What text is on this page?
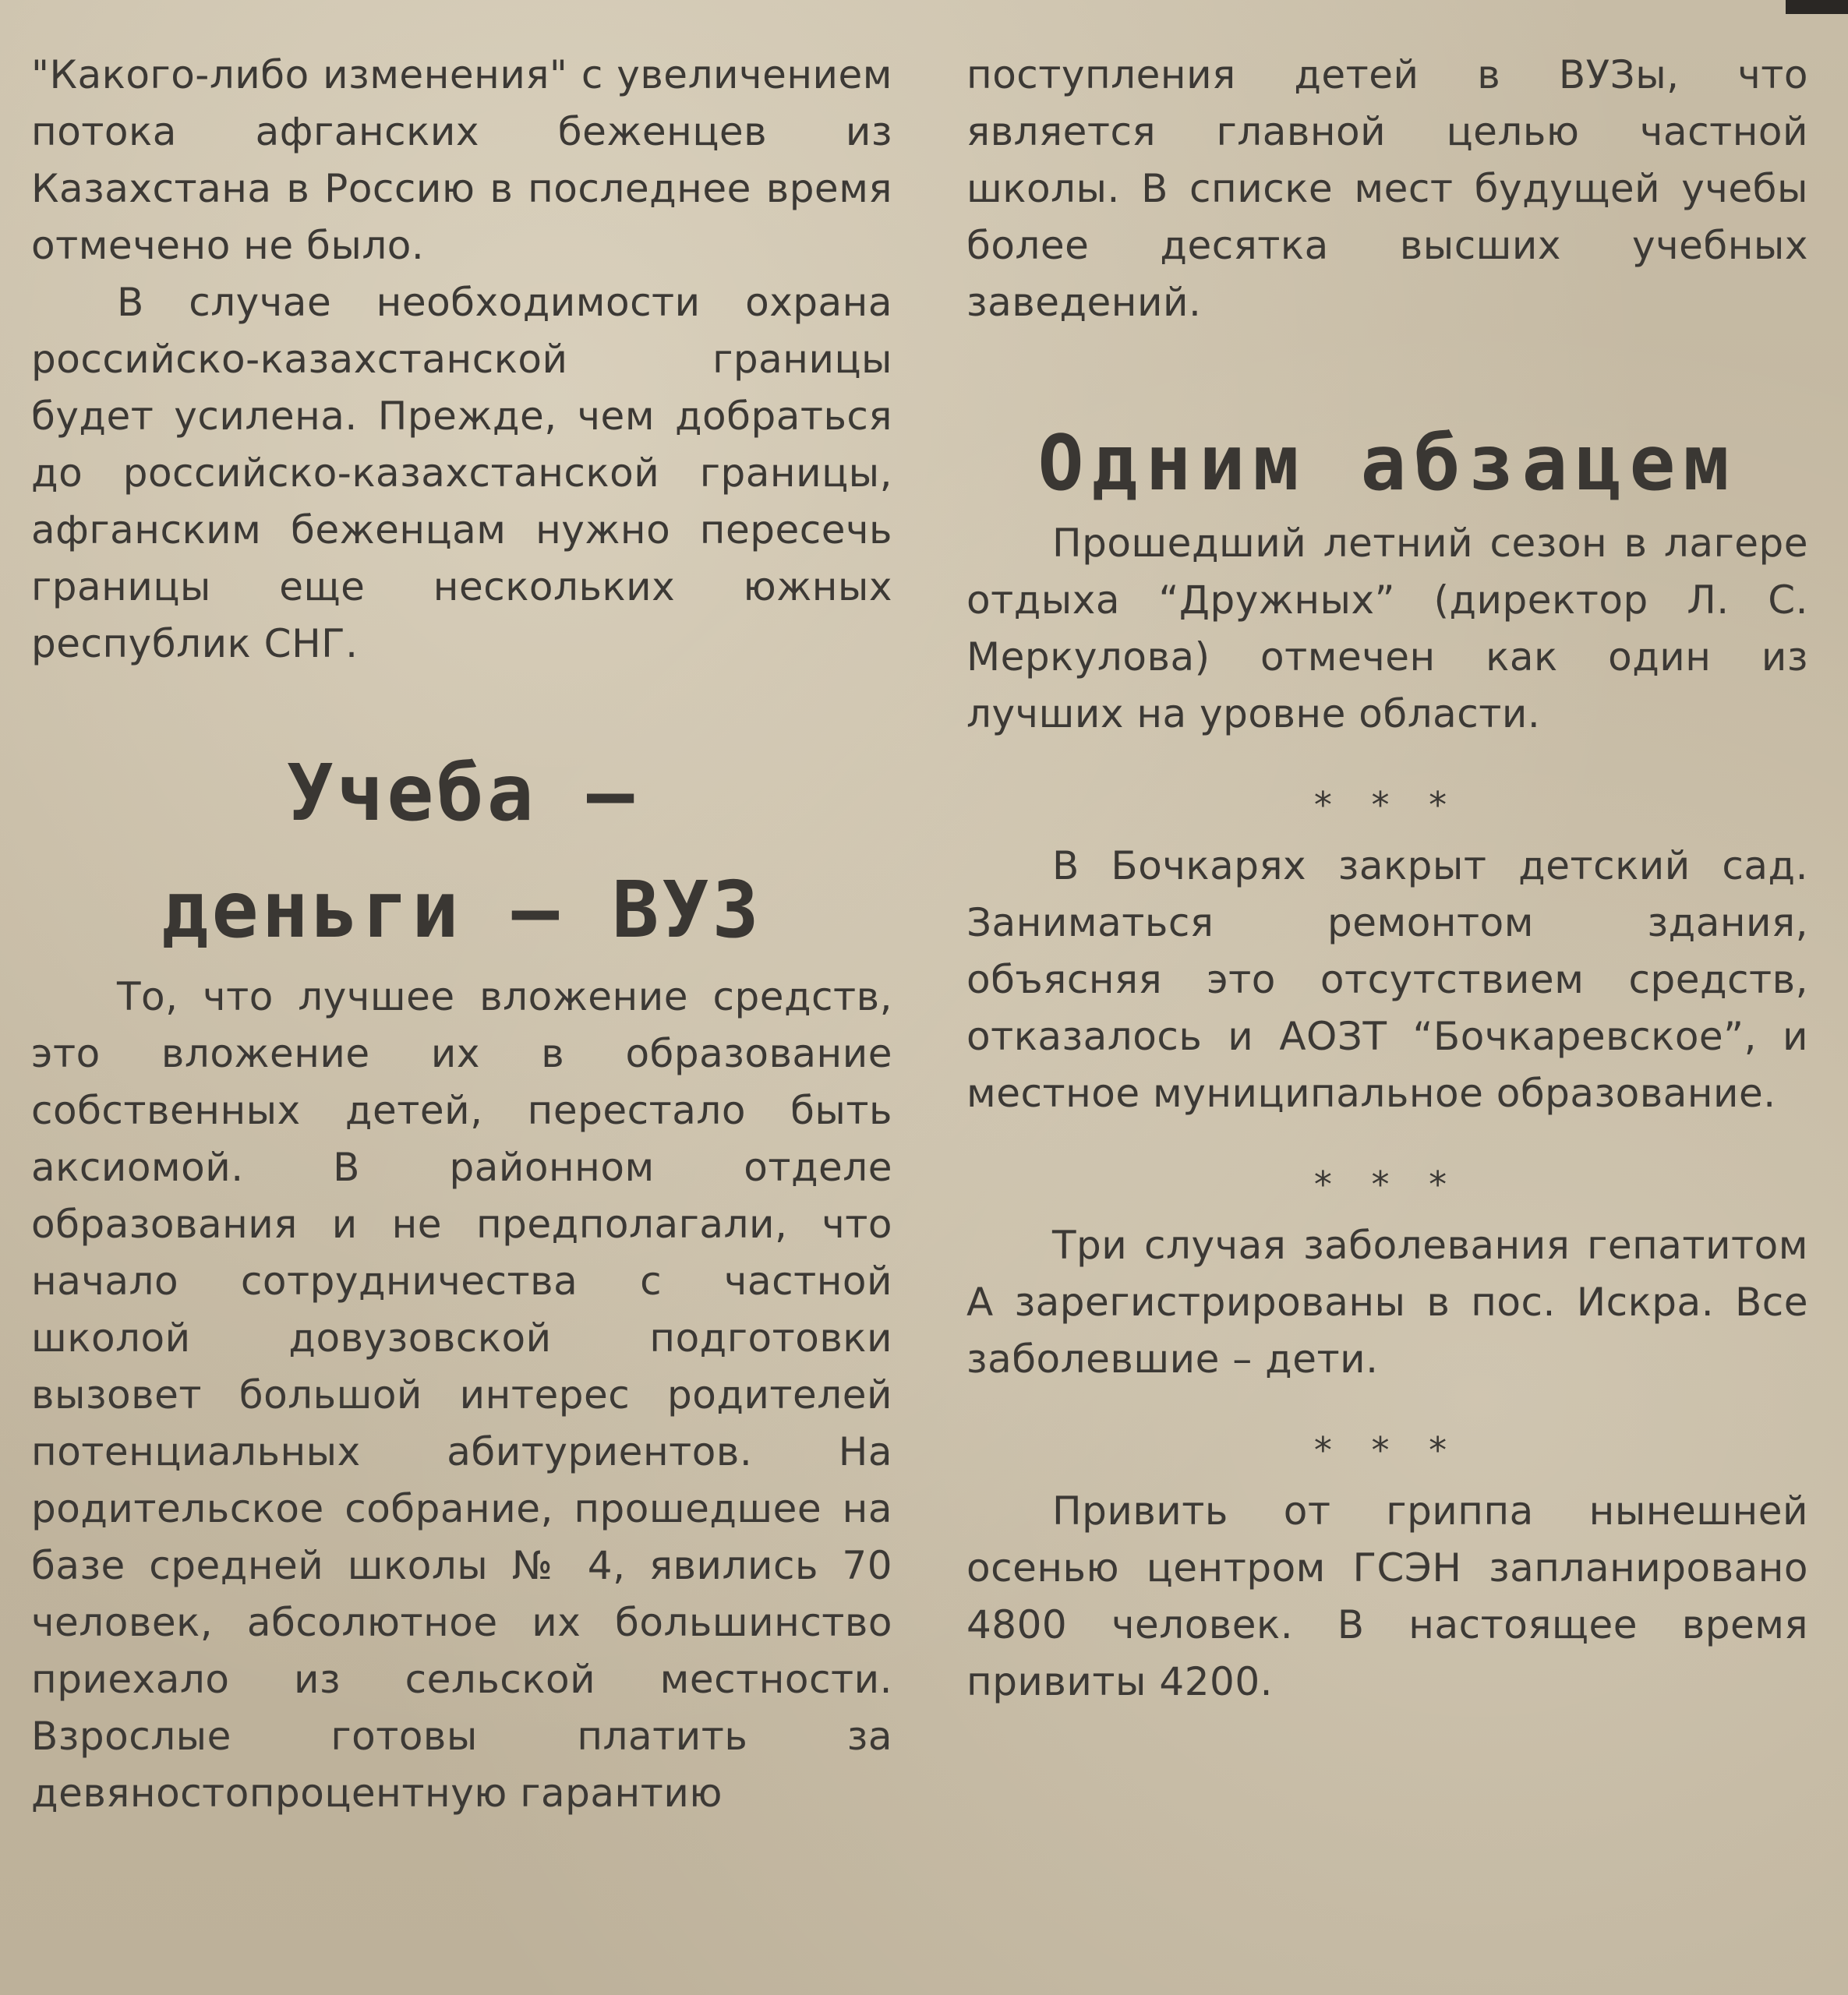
"Какого-либо изменения" с увеличением потока афганских беженцев из Казахстана в Россию в последнее время отмечено не было.

В случае необходимости охрана российско-казахстанской границы будет усилена. Прежде, чем добраться до российско-казахстанской границы, афганским беженцам нужно пересечь границы еще нескольких южных республик СНГ.

Учеба –
деньги – ВУЗ

То, что лучшее вложение средств, это вложение их в образование собственных детей, перестало быть аксиомой. В районном отделе образования и не предполагали, что начало сотрудничества с частной школой довузовской подготовки вызовет большой интерес родителей потенциальных абитуриентов. На родительское собрание, прошедшее на базе средней школы № 4, явились 70 человек, абсолютное их большинство приехало из сельской местности. Взрослые готовы платить за девяностопроцентную гарантию

поступления детей в ВУЗы, что является главной целью частной школы. В списке мест будущей учебы более десятка высших учебных заведений.

Одним абзацем

Прошедший летний сезон в лагере отдыха “Дружных” (директор Л. С. Меркулова) отмечен как один из лучших на уровне области.

* * *

В Бочкарях закрыт детский сад. Заниматься ремонтом здания, объясняя это отсутствием средств, отказалось и АОЗТ “Бочкаревское”, и местное муниципальное образование.

* * *

Три случая заболевания гепатитом А зарегистрированы в пос. Искра. Все заболевшие – дети.

* * *

Привить от гриппа нынешней осенью центром ГСЭН запланировано 4800 человек. В настоящее время привиты 4200.
